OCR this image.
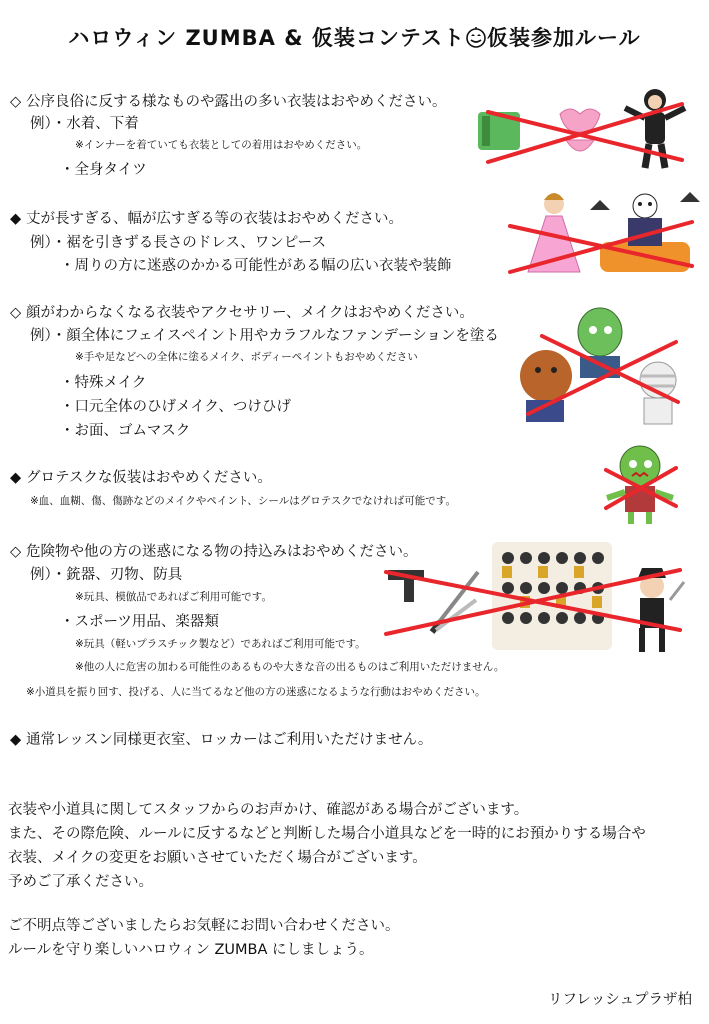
ハロウィン ZUMBA & 仮装コンテスト 仮装参加ルール
◇ 公序良俗に反する様なものや露出の多い衣装はおやめください。
例）・水着、下着
※インナーを着ていても衣装としての着用はおやめください。
・全身タイツ
◆ 丈が長すぎる、幅が広すぎる等の衣装はおやめください。
例）・裾を引きずる長さのドレス、ワンピース
・周りの方に迷惑のかかる可能性がある幅の広い衣装や装飾
◇ 顔がわからなくなる衣装やアクセサリー、メイクはおやめください。
例）・顔全体にフェイスペイント用やカラフルなファンデーションを塗る
※手や足などへの全体に塗るメイク、ボディーペイントもおやめください
・特殊メイク
・口元全体のひげメイク、つけひげ
・お面、ゴムマスク
◆ グロテスクな仮装はおやめください。
※血、血糊、傷、傷跡などのメイクやペイント、シールはグロテスクでなければ可能です。
◇ 危険物や他の方の迷惑になる物の持込みはおやめください。
例）・銃器、刃物、防具
※玩具、模倣品であればご利用可能です。
・スポーツ用品、楽器類
※玩具（軽いプラスチック製など）であればご利用可能です。
※他の人に危害の加わる可能性のあるものや大きな音の出るものはご利用いただけません。
※小道具を振り回す、投げる、人に当てるなど他の方の迷惑になるような行動はおやめください。
◆ 通常レッスン同様更衣室、ロッカーはご利用いただけません。
衣装や小道具に関してスタッフからのお声かけ、確認がある場合がございます。
また、その際危険、ルールに反するなどと判断した場合小道具などを一時的にお預かりする場合や
衣装、メイクの変更をお願いさせていただく場合がございます。
予めご了承ください。
ご不明点等ございましたらお気軽にお問い合わせください。
ルールを守り楽しいハロウィン ZUMBA にしましょう。
リフレッシュプラザ柏
